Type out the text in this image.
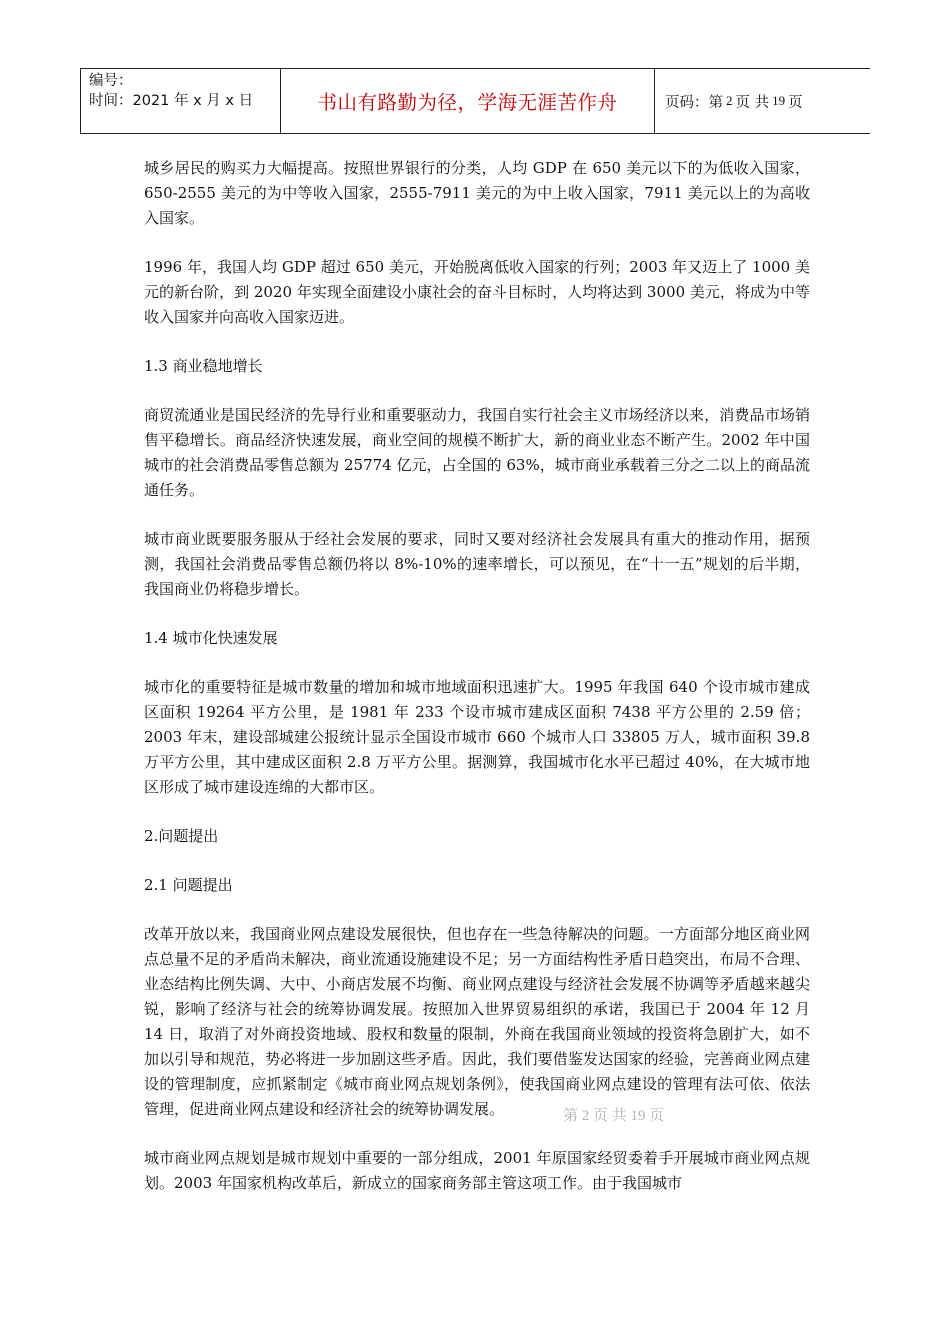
编号：
时间：2021 年 x 月 x 日	书山有路勤为径，学海无涯苦作舟	页码：第 2 页 共 19 页

城乡居民的购买力大幅提高。按照世界银行的分类，人均 GDP 在 650 美元以下的为低收入国家，650-2555 美元的为中等收入国家，2555-7911 美元的为中上收入国家，7911 美元以上的为高收入国家。

1996 年，我国人均 GDP 超过 650 美元，开始脱离低收入国家的行列；2003 年又迈上了 1000 美元的新台阶，到 2020 年实现全面建设小康社会的奋斗目标时，人均将达到 3000 美元，将成为中等收入国家并向高收入国家迈进。

1.3 商业稳地增长

商贸流通业是国民经济的先导行业和重要驱动力，我国自实行社会主义市场经济以来，消费品市场销售平稳增长。商品经济快速发展，商业空间的规模不断扩大，新的商业业态不断产生。2002 年中国城市的社会消费品零售总额为 25774 亿元，占全国的 63%，城市商业承载着三分之二以上的商品流通任务。

城市商业既要服务服从于经社会发展的要求，同时又要对经济社会发展具有重大的推动作用，据预测，我国社会消费品零售总额仍将以 8%-10%的速率增长，可以预见，在“十一五”规划的后半期，我国商业仍将稳步增长。

1.4 城市化快速发展

城市化的重要特征是城市数量的增加和城市地域面积迅速扩大。1995 年我国 640 个设市城市建成区面积 19264 平方公里，是 1981 年 233 个设市城市建成区面积 7438 平方公里的 2.59 倍；2003 年末，建设部城建公报统计显示全国设市城市 660 个城市人口 33805 万人，城市面积 39.8 万平方公里，其中建成区面积 2.8 万平方公里。据测算，我国城市化水平已超过 40%，在大城市地区形成了城市建设连绵的大都市区。

2.问题提出

2.1 问题提出

改革开放以来，我国商业网点建设发展很快，但也存在一些急待解决的问题。一方面部分地区商业网点总量不足的矛盾尚未解决，商业流通设施建设不足；另一方面结构性矛盾日趋突出，布局不合理、业态结构比例失调、大中、小商店发展不均衡、商业网点建设与经济社会发展不协调等矛盾越来越尖锐，影响了经济与社会的统筹协调发展。按照加入世界贸易组织的承诺，我国已于 2004 年 12 月 14 日，取消了对外商投资地域、股权和数量的限制，外商在我国商业领域的投资将急剧扩大，如不加以引导和规范，势必将进一步加剧这些矛盾。因此，我们要借鉴发达国家的经验，完善商业网点建设的管理制度，应抓紧制定《城市商业网点规划条例》，使我国商业网点建设的管理有法可依、依法管理，促进商业网点建设和经济社会的统筹协调发展。

城市商业网点规划是城市规划中重要的一部分组成，2001 年原国家经贸委着手开展城市商业网点规划。2003 年国家机构改革后，新成立的国家商务部主管这项工作。由于我国城市

第 2 页 共 19 页
